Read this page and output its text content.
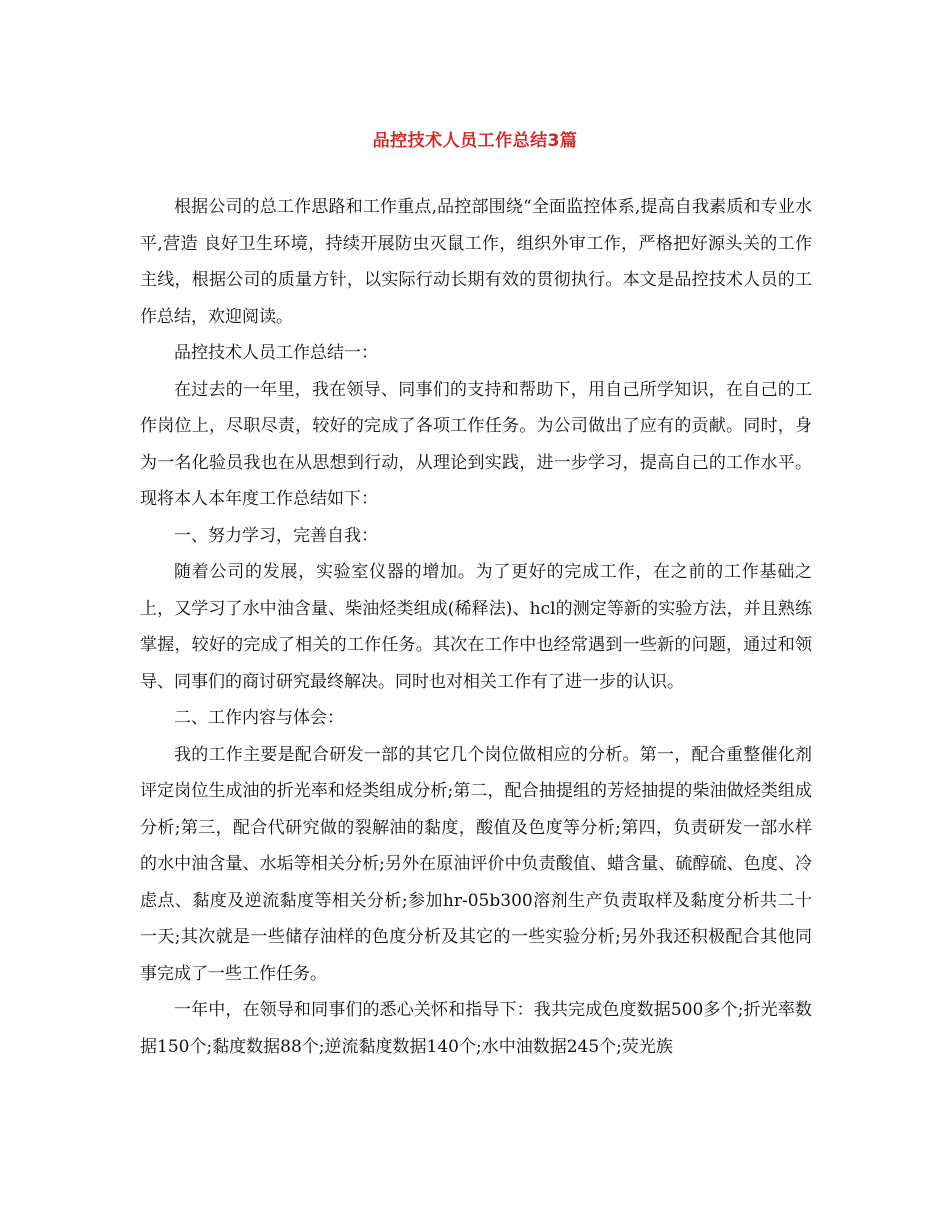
品控技术人员工作总结3篇

根据公司的总工作思路和工作重点,品控部围绕“全面监控体系,提高自我素质和专业水平,营造 良好卫生环境，持续开展防虫灭鼠工作，组织外审工作，严格把好源头关的工作主线，根据公司的质量方针，以实际行动长期有效的贯彻执行。本文是品控技术人员的工作总结，欢迎阅读。

品控技术人员工作总结一：

在过去的一年里，我在领导、同事们的支持和帮助下，用自己所学知识，在自己的工作岗位上，尽职尽责，较好的完成了各项工作任务。为公司做出了应有的贡献。同时，身为一名化验员我也在从思想到行动，从理论到实践，进一步学习，提高自己的工作水平。现将本人本年度工作总结如下：

一、努力学习，完善自我：

随着公司的发展，实验室仪器的增加。为了更好的完成工作，在之前的工作基础之上，又学习了水中油含量、柴油烃类组成(稀释法)、hcl的测定等新的实验方法，并且熟练掌握，较好的完成了相关的工作任务。其次在工作中也经常遇到一些新的问题，通过和领导、同事们的商讨研究最终解决。同时也对相关工作有了进一步的认识。

二、工作内容与体会：

我的工作主要是配合研发一部的其它几个岗位做相应的分析。第一，配合重整催化剂评定岗位生成油的折光率和烃类组成分析;第二，配合抽提组的芳烃抽提的柴油做烃类组成分析;第三，配合代研究做的裂解油的黏度，酸值及色度等分析;第四，负责研发一部水样的水中油含量、水垢等相关分析;另外在原油评价中负责酸值、蜡含量、硫醇硫、色度、冷虑点、黏度及逆流黏度等相关分析;参加hr-05b300溶剂生产负责取样及黏度分析共二十一天;其次就是一些储存油样的色度分析及其它的一些实验分析;另外我还积极配合其他同事完成了一些工作任务。

一年中，在领导和同事们的悉心关怀和指导下：我共完成色度数据500多个;折光率数据150个;黏度数据88个;逆流黏度数据140个;水中油数据245个;荧光族
